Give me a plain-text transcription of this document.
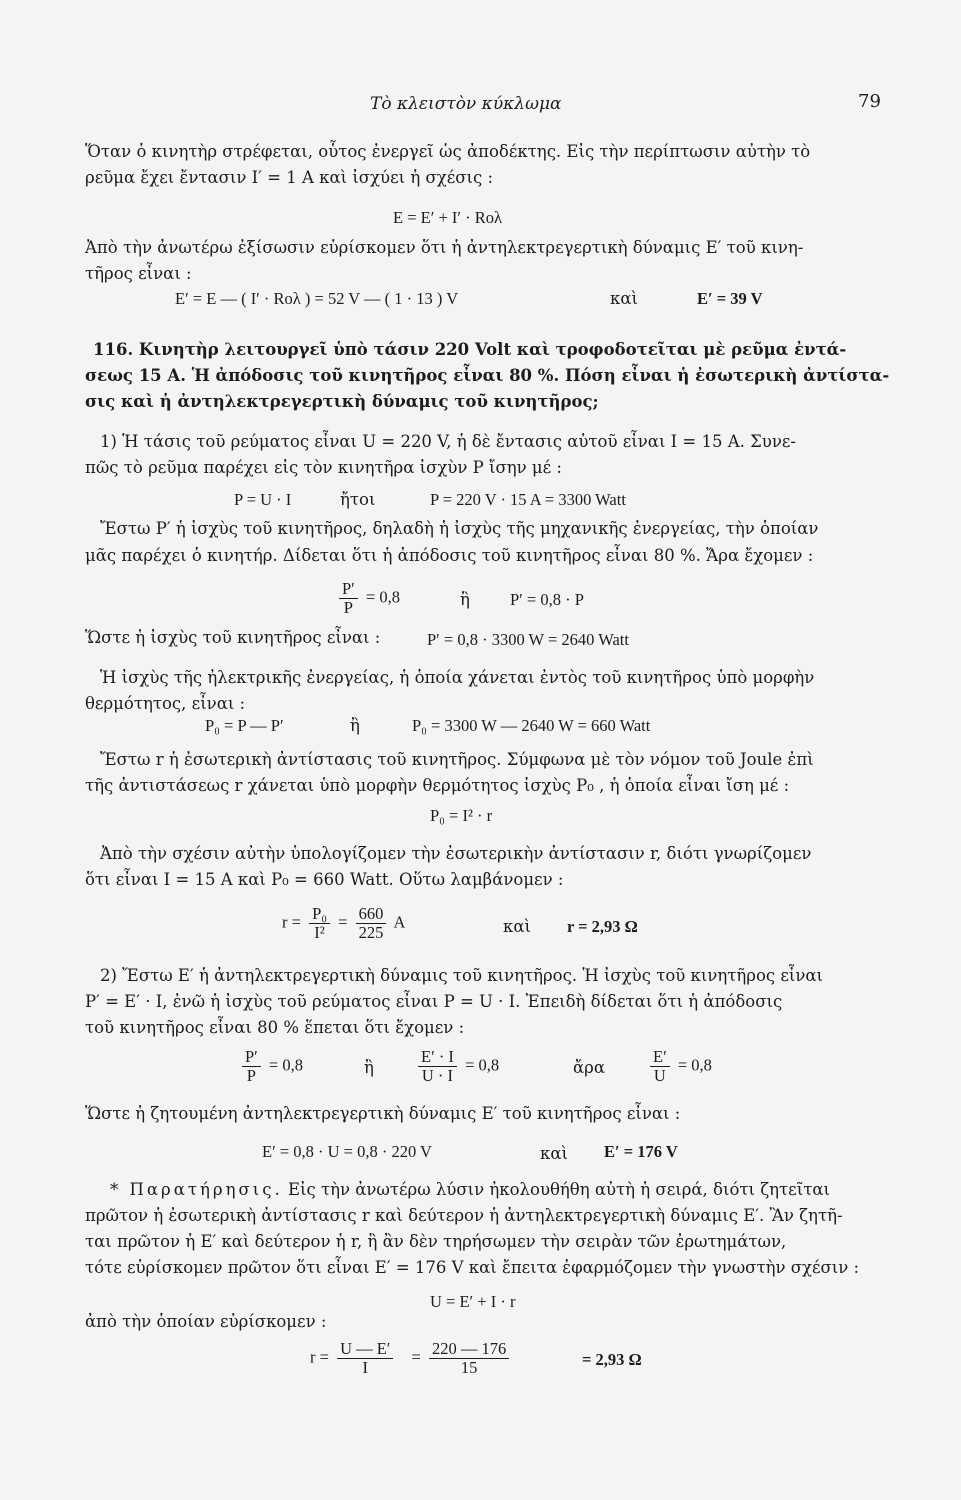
Τὸ κλειστὸν κύκλωμα	79
Ὅταν ὁ κινητὴρ στρέφεται, οὗτος ἐνεργεῖ ὡς ἀποδέκτης. Εἰς τὴν περίπτωσιν αὐτὴν τὸ
ρεῦμα ἔχει ἔντασιν I′ = 1 A καὶ ἰσχύει ἡ σχέσις :
E = E′ + I′ · Rολ
Ἀπὸ τὴν ἀνωτέρω ἐξίσωσιν εὑρίσκομεν ὅτι ἡ ἀντηλεκτρεγερτικὴ δύναμις E′ τοῦ κινη-
τῆρος εἶναι :
E′ = E — ( I′ · Rολ ) = 52 V — ( 1 · 13 ) V	καὶ	E′ = 39 V
116. Κινητὴρ λειτουργεῖ ὑπὸ τάσιν 220 Volt καὶ τροφοδοτεῖται μὲ ρεῦμα ἐντά-
σεως 15 A. Ἡ ἀπόδοσις τοῦ κινητῆρος εἶναι 80 %. Πόση εἶναι ἡ ἐσωτερικὴ ἀντίστα-
σις καὶ ἡ ἀντηλεκτρεγερτικὴ δύναμις τοῦ κινητῆρος;
1) Ἡ τάσις τοῦ ρεύματος εἶναι U = 220 V, ἡ δὲ ἔντασις αὐτοῦ εἶναι I = 15 A. Συνε-
πῶς τὸ ρεῦμα παρέχει εἰς τὸν κινητῆρα ἰσχὺν P ἴσην μέ :
P = U · I	ἤτοι	P = 220 V · 15 A = 3300 Watt
Ἔστω P′ ἡ ἰσχὺς τοῦ κινητῆρος, δηλαδὴ ἡ ἰσχὺς τῆς μηχανικῆς ἐνεργείας, τὴν ὁποίαν
μᾶς παρέχει ὁ κινητήρ. Δίδεται ὅτι ἡ ἀπόδοσις τοῦ κινητῆρος εἶναι 80 %. Ἄρα ἔχομεν :
$\frac{P'}{P} = 0,8$	ἢ P′ = 0,8 · P
Ὥστε ἡ ἰσχὺς τοῦ κινητῆρος εἶναι :	P′ = 0,8 · 3300 W = 2640 Watt
Ἡ ἰσχὺς τῆς ἠλεκτρικῆς ἐνεργείας, ἡ ὁποία χάνεται ἐντὸς τοῦ κινητῆρος ὑπὸ μορφὴν
θερμότητος, εἶναι :
P₀ = P — P′	ἢ	P₀ = 3300 W — 2640 W = 660 Watt
Ἔστω r ἡ ἐσωτερικὴ ἀντίστασις τοῦ κινητῆρος. Σύμφωνα μὲ τὸν νόμον τοῦ Joule ἐπὶ
τῆς ἀντιστάσεως r χάνεται ὑπὸ μορφὴν θερμότητος ἰσχὺς P₀ , ἡ ὁποία εἶναι ἴση μέ :
P₀ = I² · r
Ἀπὸ τὴν σχέσιν αὐτὴν ὑπολογίζομεν τὴν ἐσωτερικὴν ἀντίστασιν r, διότι γνωρίζομεν
ὅτι εἶναι I = 15 A καὶ P₀ = 660 Watt. Οὕτω λαμβάνομεν :
$r = \frac{\text{P₀}}{\text{I²}} = \frac{660}{225}$ A	καὶ r = 2,93 Ω
2) Ἔστω E′ ἡ ἀντηλεκτρεγερτικὴ δύναμις τοῦ κινητῆρος. Ἡ ἰσχὺς τοῦ κινητῆρος εἶναι
P′ = E′ · I, ἐνῶ ἡ ἰσχὺς τοῦ ρεύματος εἶναι P = U · I. Ἐπειδὴ δίδεται ὅτι ἡ ἀπόδοσις
τοῦ κινητῆρος εἶναι 80 % ἕπεται ὅτι ἔχομεν :
$\frac{P'}{P} = 0,8$	ἢ	$\frac{E' \cdot I}{U \cdot I} = 0,8$	ἄρα	$\frac{E'}{U} = 0,8$
Ὥστε ἡ ζητουμένη ἀντηλεκτρεγερτικὴ δύναμις E′ τοῦ κινητῆρος εἶναι :
E′ = 0,8 · U = 0,8 · 220 V	καὶ E′ = 176 V
* Παρατήρησις. Εἰς τὴν ἀνωτέρω λύσιν ἠκολουθήθη αὐτὴ ἡ σειρά, διότι ζητεῖται
πρῶτον ἡ ἐσωτερικὴ ἀντίστασις r καὶ δεύτερον ἡ ἀντηλεκτρεγερτικὴ δύναμις E′. Ἂν ζητῆ-
ται πρῶτον ἡ E′ καὶ δεύτερον ἡ r, ἢ ἂν δὲν τηρήσωμεν τὴν σειρὰν τῶν ἐρωτημάτων,
τότε εὑρίσκομεν πρῶτον ὅτι εἶναι E′ = 176 V καὶ ἔπειτα ἐφαρμόζομεν τὴν γνωστὴν σχέσιν :
U = E′ + I · r
ἀπὸ τὴν ὁποίαν εὑρίσκομεν :
$r = \frac{U — E'}{I} = \frac{220 — 176}{15}$	= 2,93 Ω
